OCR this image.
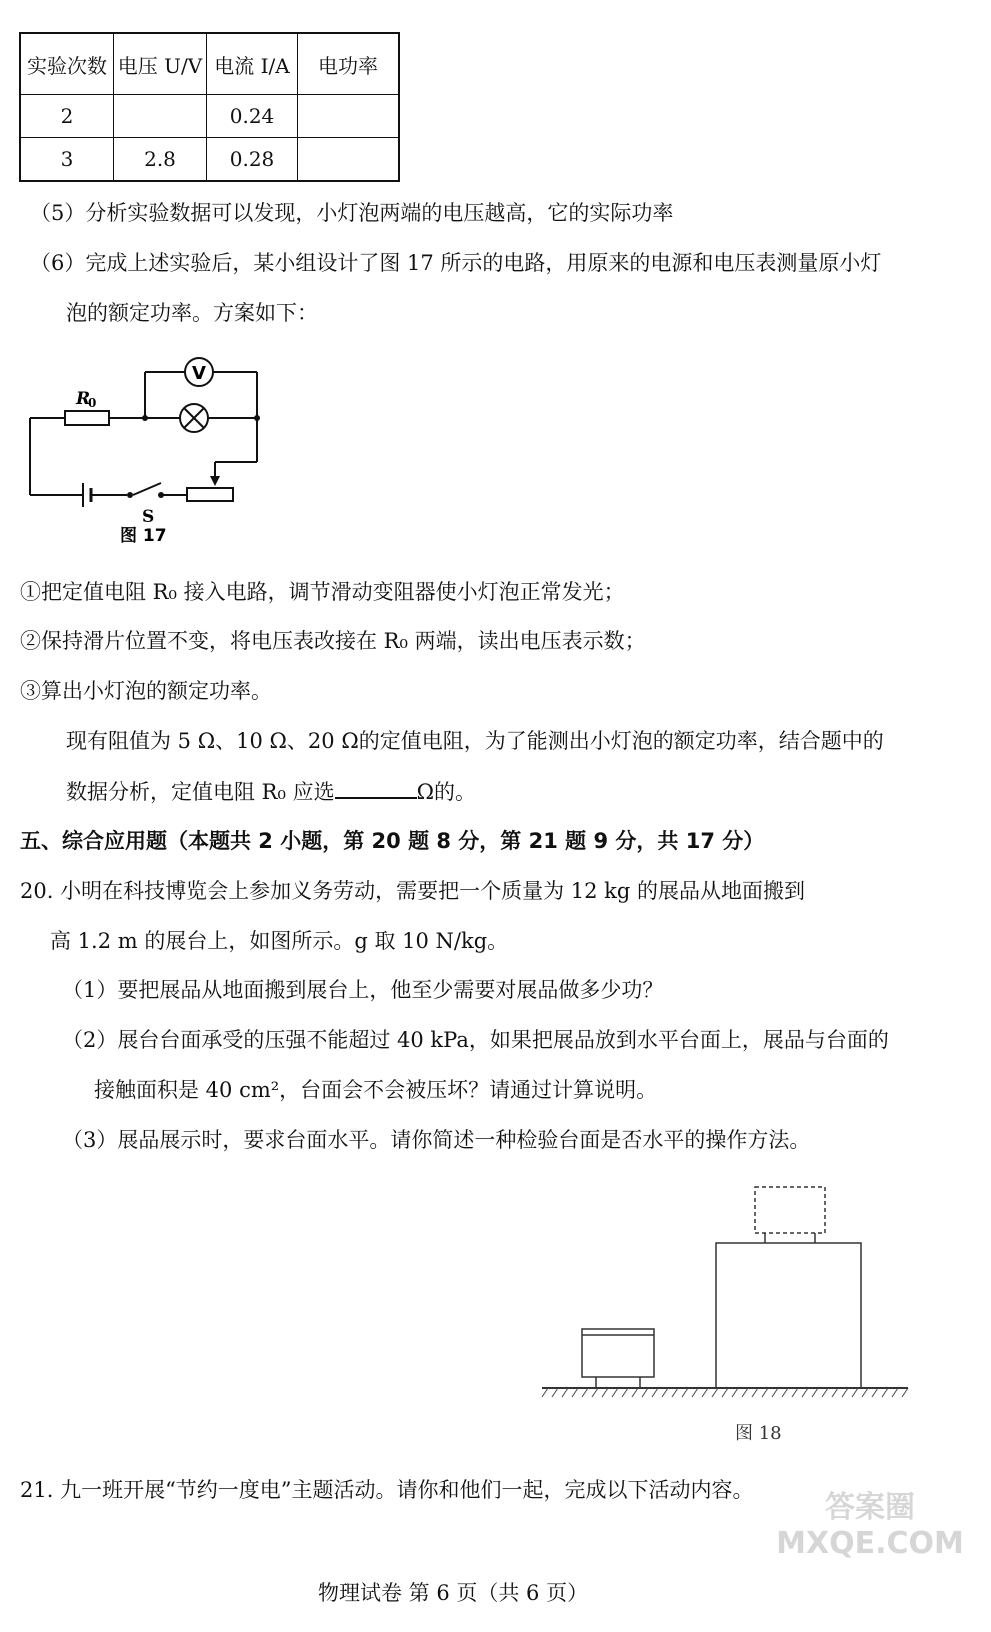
实验次数	电压 U/V	电流 I/A	电功率
2		0.24	
3	2.8	0.28	
（5）分析实验数据可以发现，小灯泡两端的电压越高，它的实际功率
（6）完成上述实验后，某小组设计了图 17 所示的电路，用原来的电源和电压表测量原小灯
泡的额定功率。方案如下：
V
R
0
S
图 17
①把定值电阻 R₀ 接入电路，调节滑动变阻器使小灯泡正常发光；
②保持滑片位置不变，将电压表改接在 R₀ 两端，读出电压表示数；
③算出小灯泡的额定功率。
现有阻值为 5 Ω、10 Ω、20 Ω的定值电阻，为了能测出小灯泡的额定功率，结合题中的
数据分析，定值电阻 R₀ 应选	Ω的。
五、综合应用题（本题共 2 小题，第 20 题 8 分，第 21 题 9 分，共 17 分）
20. 小明在科技博览会上参加义务劳动，需要把一个质量为 12 kg 的展品从地面搬到
高 1.2 m 的展台上，如图所示。g 取 10 N/kg。
（1）要把展品从地面搬到展台上，他至少需要对展品做多少功？
（2）展台台面承受的压强不能超过 40 kPa，如果把展品放到水平台面上，展品与台面的
接触面积是 40 cm²，台面会不会被压坏？请通过计算说明。
（3）展品展示时，要求台面水平。请你简述一种检验台面是否水平的操作方法。
图 18
21. 九一班开展“节约一度电”主题活动。请你和他们一起，完成以下活动内容。
物理试卷 第 6 页（共 6 页）
答案圈 MXQE.COM
